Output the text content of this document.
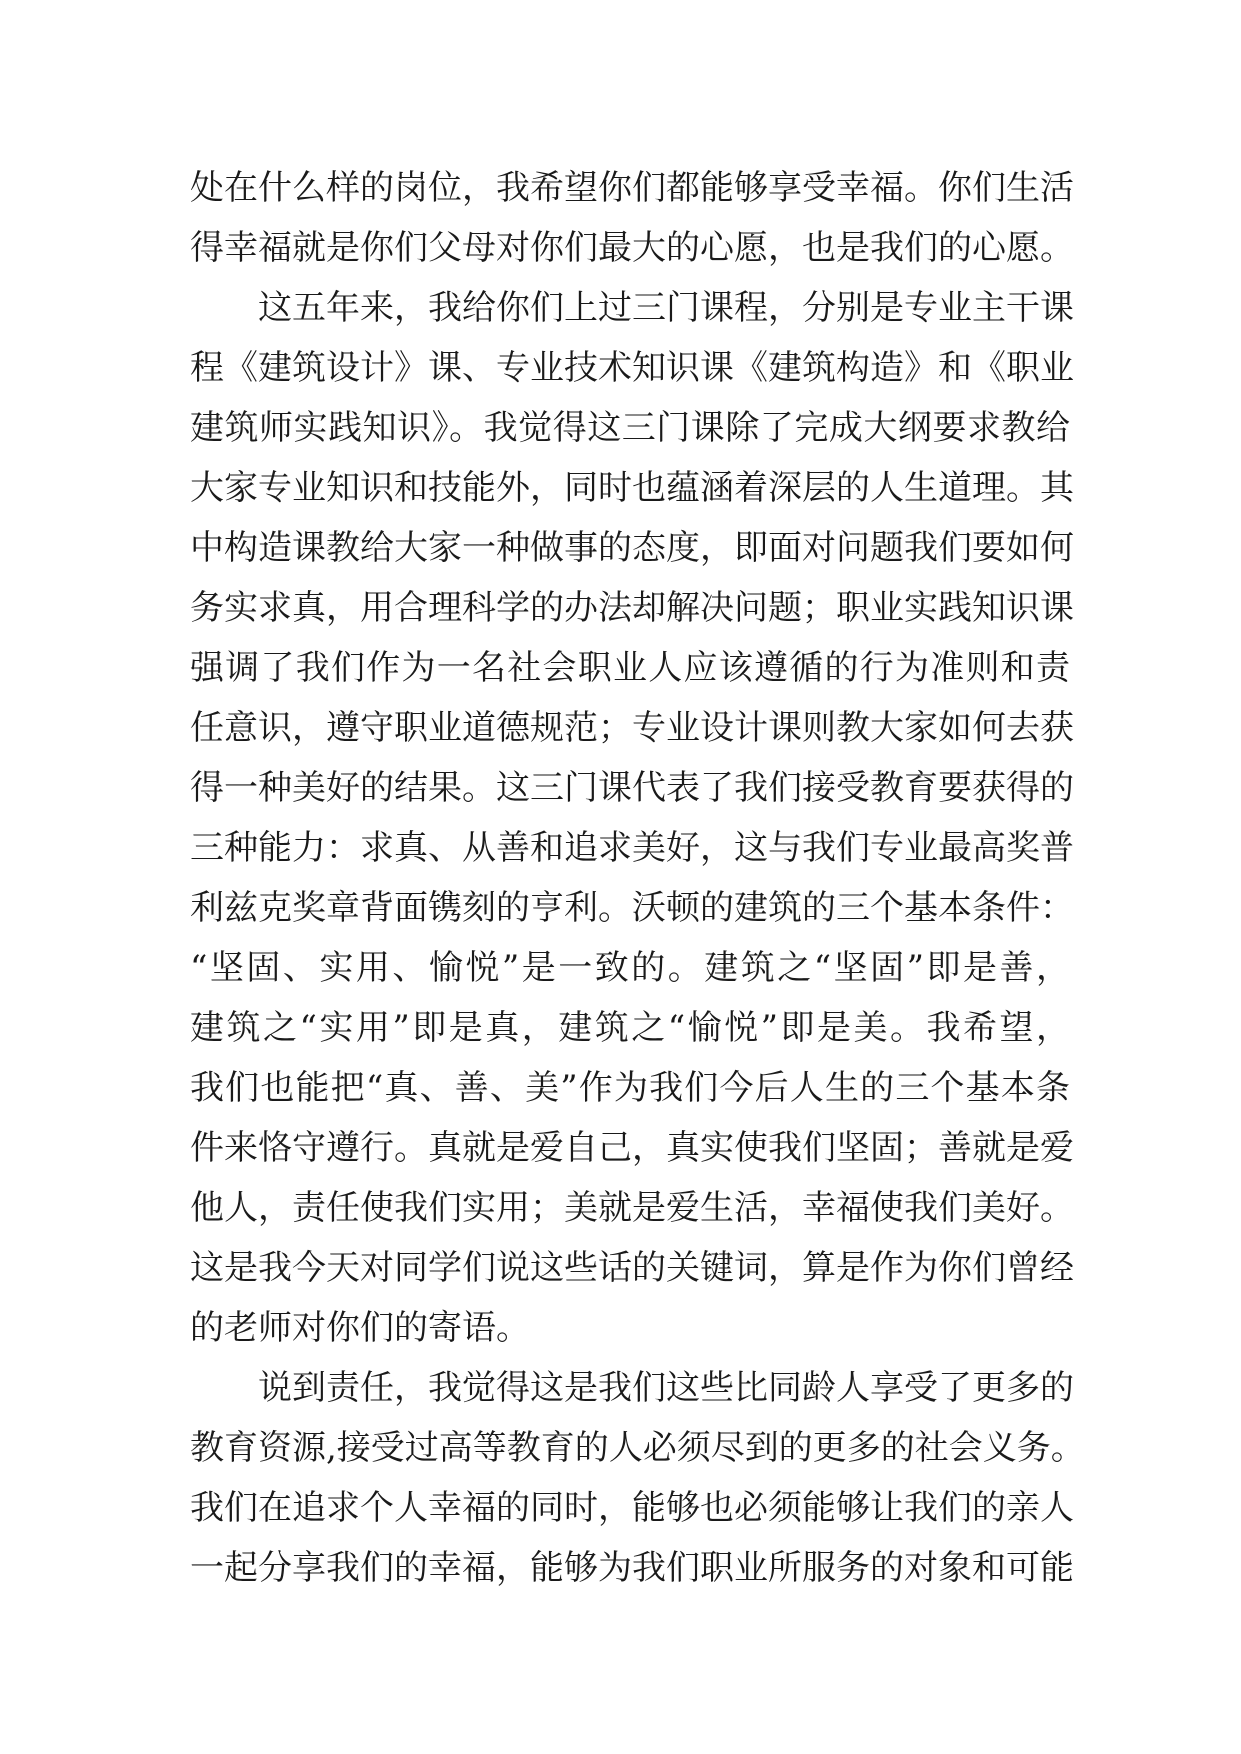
处在什么样的岗位，我希望你们都能够享受幸福。你们生活
得幸福就是你们父母对你们最大的心愿，也是我们的心愿。
这五年来，我给你们上过三门课程，分别是专业主干课
程《建筑设计》课、专业技术知识课《建筑构造》和《职业
建筑师实践知识》。我觉得这三门课除了完成大纲要求教给
大家专业知识和技能外，同时也蕴涵着深层的人生道理。其
中构造课教给大家一种做事的态度，即面对问题我们要如何
务实求真，用合理科学的办法却解决问题；职业实践知识课
强调了我们作为一名社会职业人应该遵循的行为准则和责
任意识，遵守职业道德规范；专业设计课则教大家如何去获
得一种美好的结果。这三门课代表了我们接受教育要获得的
三种能力：求真、从善和追求美好，这与我们专业最高奖普
利兹克奖章背面镌刻的亨利。沃顿的建筑的三个基本条件：
“坚固、实用、愉悦”是一致的。建筑之“坚固”即是善，
建筑之“实用”即是真，建筑之“愉悦”即是美。我希望，
我们也能把“真、善、美”作为我们今后人生的三个基本条
件来恪守遵行。真就是爱自己，真实使我们坚固；善就是爱
他人，责任使我们实用；美就是爱生活，幸福使我们美好。
这是我今天对同学们说这些话的关键词，算是作为你们曾经
的老师对你们的寄语。
说到责任，我觉得这是我们这些比同龄人享受了更多的
教育资源,接受过高等教育的人必须尽到的更多的社会义务。
我们在追求个人幸福的同时，能够也必须能够让我们的亲人
一起分享我们的幸福，能够为我们职业所服务的对象和可能
